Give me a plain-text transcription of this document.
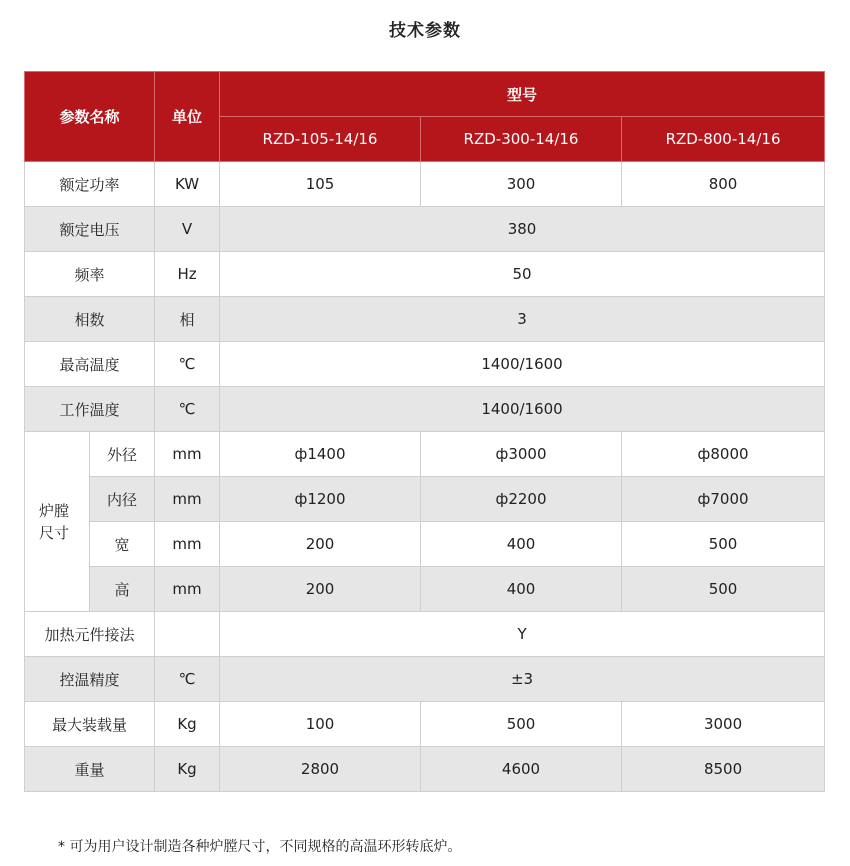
技术参数
参数名称		单位	型号		
			RZD-105-14/16	RZD-300-14/16	RZD-800-14/16
额定功率		KW	105	300	800
额定电压		V	380		
频率		Hz	50		
相数		相	3		
最高温度		℃	1400/1600		
工作温度		℃	1400/1600		
炉膛
尺寸	外径	mm	ф1400	ф3000	ф8000
	内径	mm	ф1200	ф2200	ф7000
	宽	mm	200	400	500
	高	mm	200	400	500
加热元件接法			Y		
控温精度		℃	±3		
最大装载量		Kg	100	500	3000
重量		Kg	2800	4600	8500
* 可为用户设计制造各种炉膛尺寸，不同规格的高温环形转底炉。
